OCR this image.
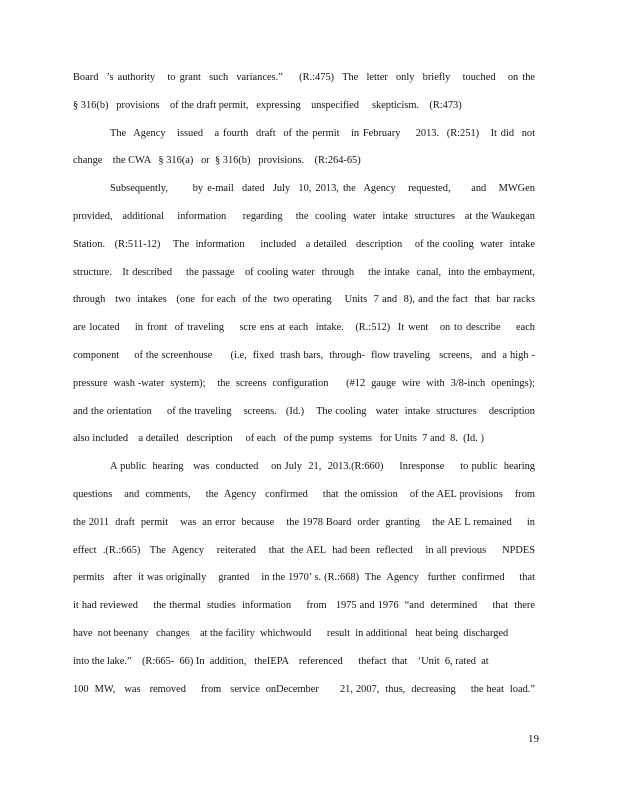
Board  ’s authority   to grant  such  variances.”    (R.:475)  The  letter  only  briefly   touched   on the
§ 316(b)   provisions    of the draft permit,   expressing    unspecified     skepticism.    (R:473)
The  Agency   issued   a fourth  draft  of the permit   in February    2013.  (R:251)   It did  not
change    the CWA   § 316(a)   or  § 316(b)   provisions.    (R:264-65)
Subsequently,      by e-mail  dated  July  10, 2013, the  Agency   requested,     and   MWGen
provided,   additional    information     regarding    the  cooling  water  intake  structures   at the Waukegan
Station.   (R:511-12)    The  information     included   a detailed   description    of the cooling  water  intake
structure.   It described    the passage   of cooling water  through    the intake  canal,  into the embayment,
through   two  intakes   (one  for each  of the  two operating    Units  7 and  8), and the fact  that  bar racks
are located    in front  of traveling    scre ens at each  intake.   (R.:512)  It went   on to describe    each
component     of the screenhouse      (i.e,  fixed  trash bars,  through-  flow traveling   screens,   and  a high -
pressure  wash -water  system);    the  screens  configuration      (#12  gauge  wire  with  3/8-inch  openings);
and the orientation     of the traveling    screens.   (Id.)    The cooling   water  intake  structures    description
also included    a detailed   description     of each   of the pump  systems   for Units  7 and  8.  (Id. )
A public  hearing   was  conducted    on July  21,  2013.(R:660)     Inresponse     to public  hearing
questions    and  comments,     the  Agency   confirmed     that  the omission    of the AEL provisions    from
the 2011  draft  permit    was  an error  because    the 1978 Board  order  granting    the AE L remained     in
effect  .(R.:665)   The  Agency    reiterated    that  the AEL  had been  reflected    in all previous     NPDES
permits   after  it was originally    granted    in the 1970’ s. (R.:668)  The  Agency   further  confirmed     that
it had reviewed     the thermal  studies  information     from   1975 and 1976  “and  determined     that  there
have  not beenany   changes    at the facility  whichwould      result  in additional   heat being  discharged
into the lake.”    (R:665-  66) In  addition,   theIEPA    referenced      thefact  that    ‘Unit  6, rated  at
100  MW,   was   removed     from   service  onDecember       21, 2007,  thus,  decreasing     the heat  load.”
19
